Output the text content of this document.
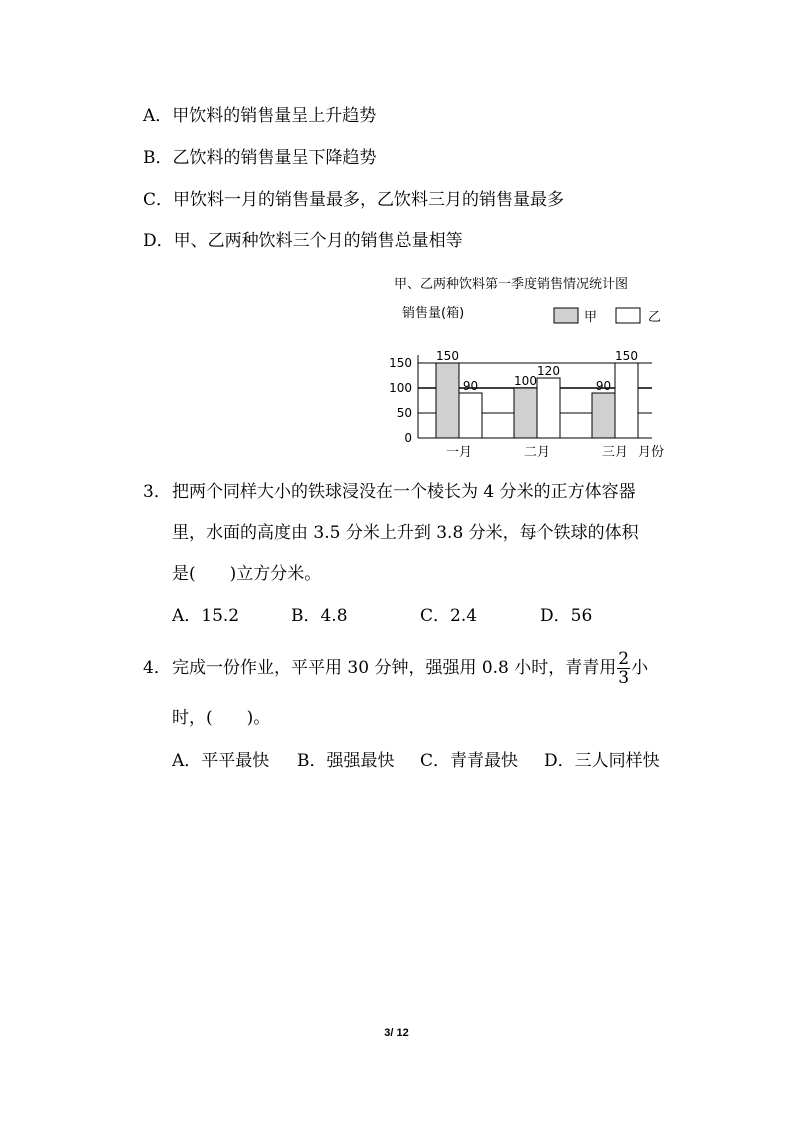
A．甲饮料的销售量呈上升趋势
B．乙饮料的销售量呈下降趋势
C．甲饮料一月的销售量最多，乙饮料三月的销售量最多
D．甲、乙两种饮料三个月的销售总量相等
甲、乙两种饮料第一季度销售情况统计图
销售量(箱)	甲	乙
150
90	100
120
90
150
0
50
100
150
一月	二月	三月 月份
3． 把两个同样大小的铁球浸没在一个棱长为 4 分米的正方体容器
里，水面的高度由 3.5 分米上升到 3.8 分米，每个铁球的体积
是(　　)立方分米。
A．15.2	B．4.8	C．2.4	D．56
4． 完成一份作业，平平用 30 分钟，强强用 0.8 小时，青青用 $\frac{2}{3}$ 小
时，(　　)。
A．平平最快 B．强强最快 C．青青最快 D．三人同样快
3/ 12
